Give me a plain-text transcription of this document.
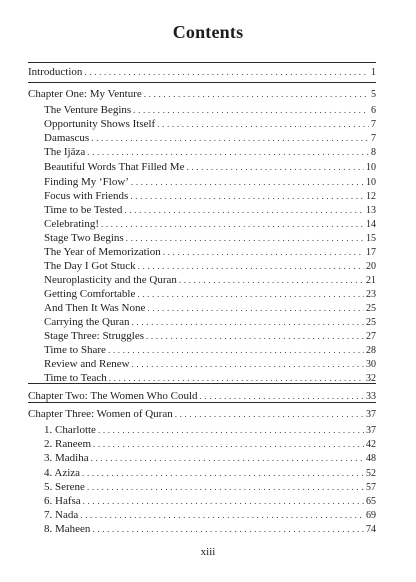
Contents
Introduction . . .	1
Chapter One: My Venture . . .	5
The Venture Begins . . .	6
Opportunity Shows Itself . . .	7
Damascus . . .	7
The Ijāza . . .	8
Beautiful Words That Filled Me . . .	10
Finding My ‘Flow’ . . .	10
Focus with Friends . . .	12
Time to be Tested . . .	13
Celebrating! . . .	14
Stage Two Begins . . .	15
The Year of Memorization . . .	17
The Day I Got Stuck . . .	20
Neuroplasticity and the Quran . . .	21
Getting Comfortable . . .	23
And Then It Was None . . .	25
Carrying the Quran . . .	25
Stage Three: Struggles . . .	27
Time to Share . . .	28
Review and Renew . . .	30
Time to Teach . . .	32
Chapter Two: The Women Who Could . . .	33
Chapter Three: Women of Quran . . .	37
1. Charlotte . . .	37
2. Raneem . . .	42
3. Madiha . . .	48
4. Aziza . . .	52
5. Serene . . .	57
6. Hafsa . . .	65
7. Nada . . .	69
8. Maheen . . .	74
xiii
